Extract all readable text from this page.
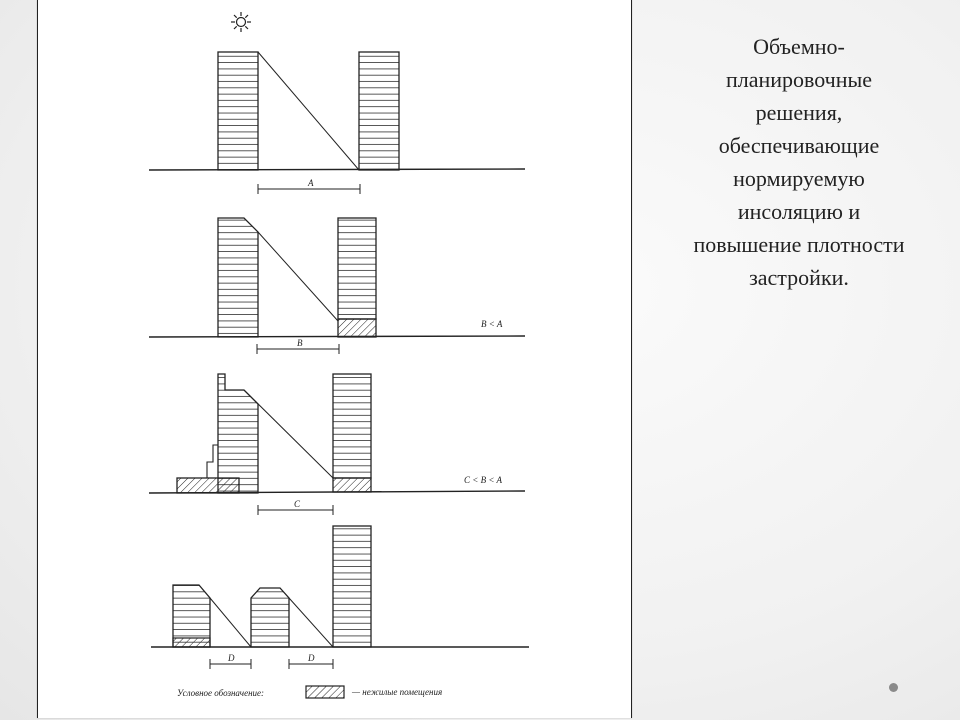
A
B
B < A
C
C < B < A
D	D
Условное обозначение:	— нежилые помещения
Объемно-
планировочные
решения,
обеспечивающие
нормируемую
инсоляцию и
повышение плотности
застройки.
